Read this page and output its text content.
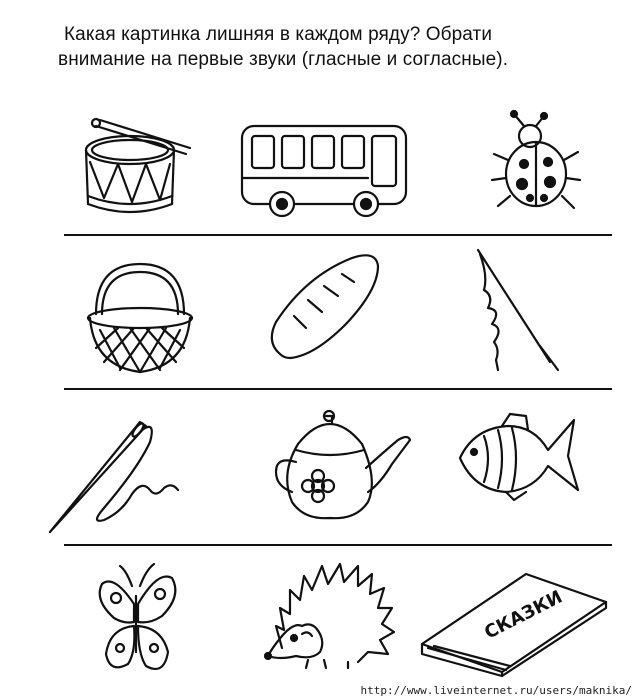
Какая картинка лишняя в каждом ряду? Обрати
внимание на первые звуки (гласные и согласные).
СКАЗКИ
http://www.liveinternet.ru/users/maknika/
